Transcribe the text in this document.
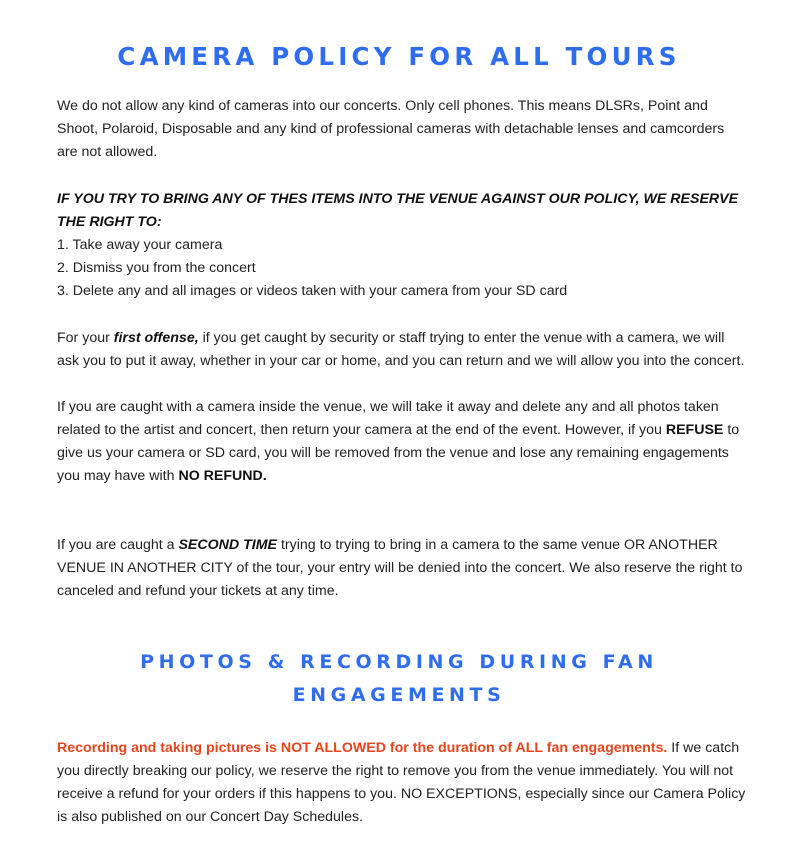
CAMERA POLICY FOR ALL TOURS

We do not allow any kind of cameras into our concerts. Only cell phones. This means DLSRs, Point and Shoot, Polaroid, Disposable and any kind of professional cameras with detachable lenses and camcorders are not allowed.

IF YOU TRY TO BRING ANY OF THES ITEMS INTO THE VENUE AGAINST OUR POLICY, WE RESERVE THE RIGHT TO:
1. Take away your camera
2. Dismiss you from the concert
3. Delete any and all images or videos taken with your camera from your SD card

For your first offense, if you get caught by security or staff trying to enter the venue with a camera, we will ask you to put it away, whether in your car or home, and you can return and we will allow you into the concert.

If you are caught with a camera inside the venue, we will take it away and delete any and all photos taken related to the artist and concert, then return your camera at the end of the event. However, if you REFUSE to give us your camera or SD card, you will be removed from the venue and lose any remaining engagements you may have with NO REFUND.

If you are caught a SECOND TIME trying to trying to bring in a camera to the same venue OR ANOTHER VENUE IN ANOTHER CITY of the tour, your entry will be denied into the concert. We also reserve the right to canceled and refund your tickets at any time.

PHOTOS & RECORDING DURING FAN ENGAGEMENTS

Recording and taking pictures is NOT ALLOWED for the duration of ALL fan engagements. If we catch you directly breaking our policy, we reserve the right to remove you from the venue immediately. You will not receive a refund for your orders if this happens to you. NO EXCEPTIONS, especially since our Camera Policy is also published on our Concert Day Schedules.
